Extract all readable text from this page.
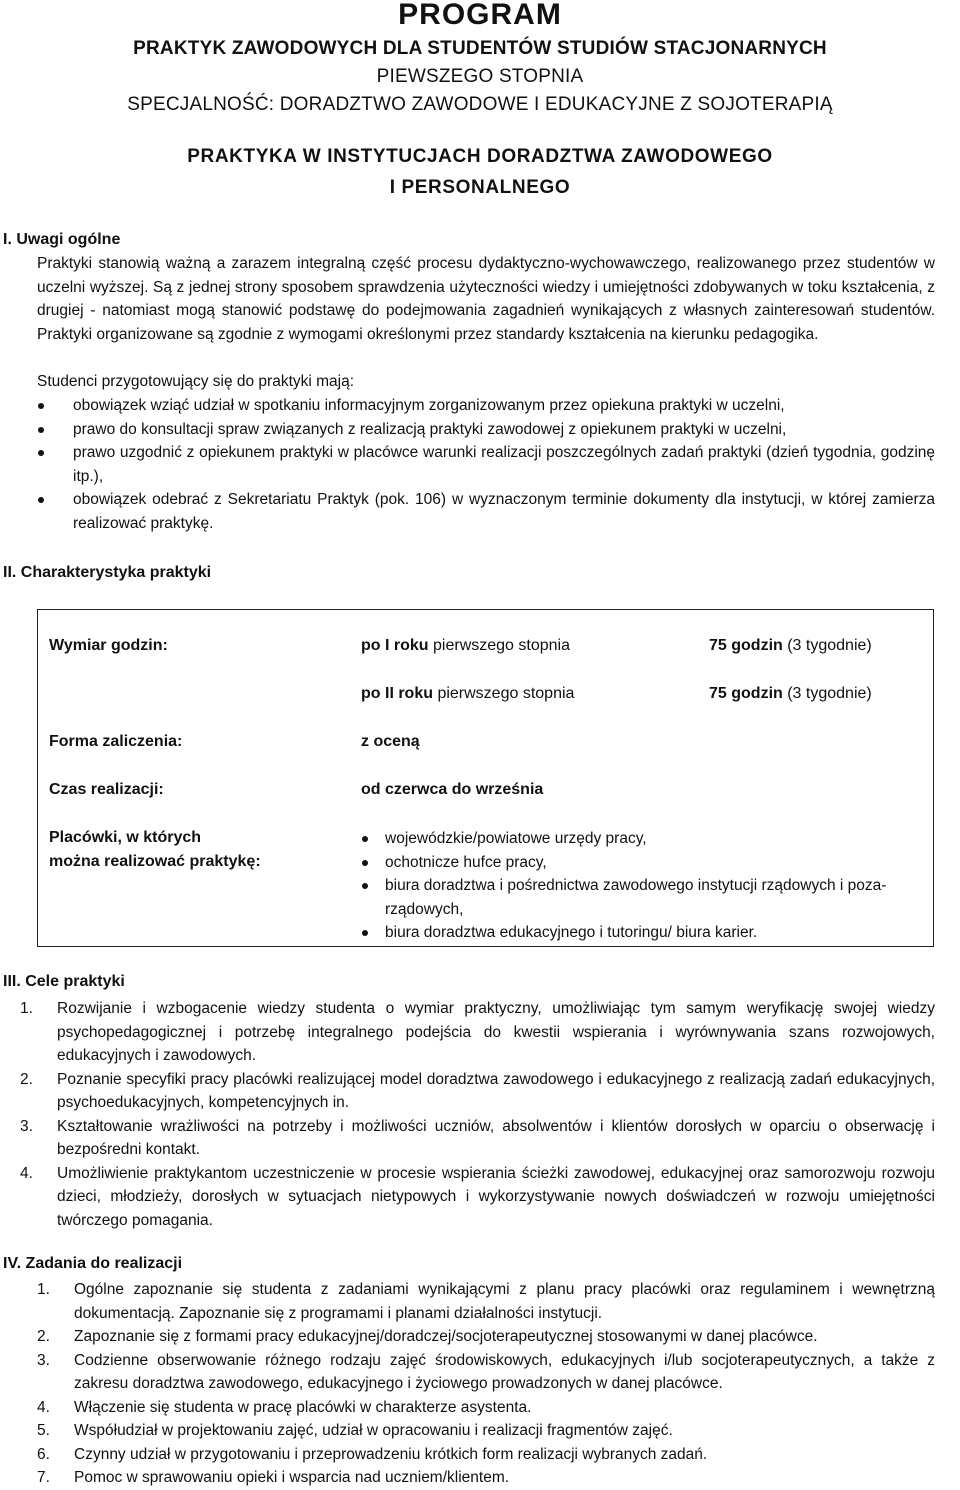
PROGRAM
PRAKTYK ZAWODOWYCH DLA STUDENTÓW STUDIÓW STACJONARNYCH
PIEWSZEGO STOPNIA
SPECJALNOŚĆ: DORADZTWO ZAWODOWE I EDUKACYJNE Z SOJOTERAPIĄ
PRAKTYKA W INSTYTUCJACH DORADZTWA ZAWODOWEGO
I PERSONALNEGO
I. Uwagi ogólne
Praktyki stanowią ważną a zarazem integralną część procesu dydaktyczno-wychowawczego, realizowanego przez studentów w uczelni wyższej. Są z jednej strony sposobem sprawdzenia użyteczności wiedzy i umiejętności zdobywanych w toku kształcenia, z drugiej - natomiast mogą stanowić podstawę do podejmowania zagadnień wynikających z własnych zainteresowań studentów. Praktyki organizowane są zgodnie z wymogami określonymi przez standardy kształcenia na kierunku pedagogika.
Studenci przygotowujący się do praktyki mają:
obowiązek wziąć udział w spotkaniu informacyjnym zorganizowanym przez opiekuna praktyki w uczelni,
prawo do konsultacji spraw związanych z realizacją praktyki zawodowej z opiekunem praktyki w uczelni,
prawo uzgodnić z opiekunem praktyki w placówce warunki realizacji poszczególnych zadań praktyki (dzień tygodnia, godzinę itp.),
obowiązek odebrać z Sekretariatu Praktyk (pok. 106) w wyznaczonym terminie dokumenty dla instytucji, w której zamierza realizować praktykę.
II. Charakterystyka praktyki
Wymiar godzin:	po I roku pierwszego stopnia	75 godzin (3 tygodnie)
po II roku pierwszego stopnia	75 godzin (3 tygodnie)
Forma zaliczenia:	z oceną
Czas realizacji:	od czerwca do września
Placówki, w których
można realizować praktykę:
wojewódzkie/powiatowe urzędy pracy,
ochotnicze hufce pracy,
biura doradztwa i pośrednictwa zawodowego instytucji rządowych i poza-rządowych,
biura doradztwa edukacyjnego i tutoringu/ biura karier.
III. Cele praktyki
1. Rozwijanie i wzbogacenie wiedzy studenta o wymiar praktyczny, umożliwiając tym samym weryfikację swojej wiedzy psychopedagogicznej i potrzebę integralnego podejścia do kwestii wspierania i wyrównywania szans rozwojowych, edukacyjnych i zawodowych.
2. Poznanie specyfiki pracy placówki realizującej model doradztwa zawodowego i edukacyjnego z realizacją zadań edukacyjnych, psychoedukacyjnych, kompetencyjnych in.
3. Kształtowanie wrażliwości na potrzeby i możliwości uczniów, absolwentów i klientów dorosłych w oparciu o obserwację i bezpośredni kontakt.
4. Umożliwienie praktykantom uczestniczenie w procesie wspierania ścieżki zawodowej, edukacyjnej oraz samorozwoju rozwoju dzieci, młodzieży, dorosłych w sytuacjach nietypowych i wykorzystywanie nowych doświadczeń w rozwoju umiejętności twórczego pomagania.
IV. Zadania do realizacji
1. Ogólne zapoznanie się studenta z zadaniami wynikającymi z planu pracy placówki oraz regulaminem i wewnętrzną dokumentacją. Zapoznanie się z programami i planami działalności instytucji.
2. Zapoznanie się z formami pracy edukacyjnej/doradczej/socjoterapeutycznej stosowanymi w danej placówce.
3. Codzienne obserwowanie różnego rodzaju zajęć środowiskowych, edukacyjnych i/lub socjoterapeutycznych, a także z zakresu doradztwa zawodowego, edukacyjnego i życiowego prowadzonych w danej placówce.
4. Włączenie się studenta w pracę placówki w charakterze asystenta.
5. Współudział w projektowaniu zajęć, udział w opracowaniu i realizacji fragmentów zajęć.
6. Czynny udział w przygotowaniu i przeprowadzeniu krótkich form realizacji wybranych zadań.
7. Pomoc w sprawowaniu opieki i wsparcia nad uczniem/klientem.
